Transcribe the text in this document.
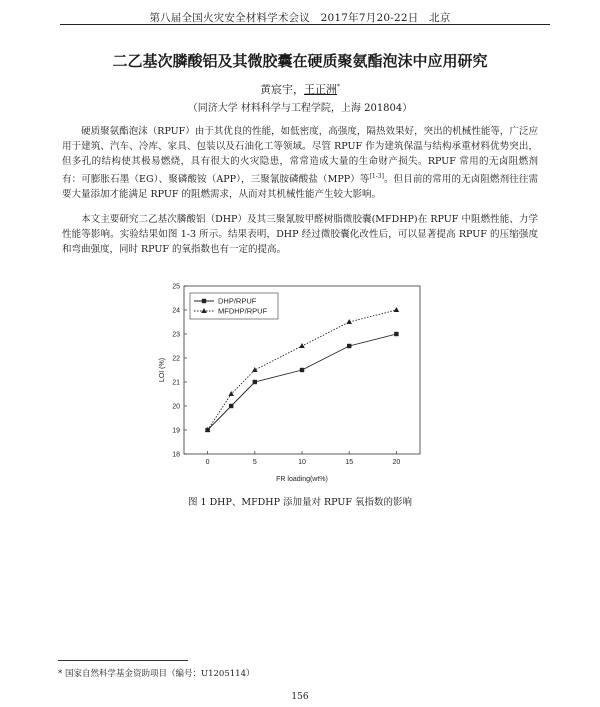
第八届全国火灾安全材料学术会议　2017年7月20-22日　北京
二乙基次膦酸铝及其微胶囊在硬质聚氨酯泡沫中应用研究
黄宸宇，王正洲*
（同济大学 材料科学与工程学院，上海 201804）

  硬质聚氨酯泡沫（RPUF）由于其优良的性能，如低密度，高强度，隔热效果好，突出的机械性能等，广泛应用于建筑、汽车、冷库、家具、包装以及石油化工等领域。尽管 RPUF 作为建筑保温与结构承重材料优势突出，但多孔的结构使其极易燃烧，具有很大的火灾隐患，常常造成大量的生命财产损失。RPUF 常用的无卤阻燃剂有：可膨胀石墨（EG）、聚磷酸铵（APP），三聚氰胺磷酸盐（MPP）等[1-3]。但目前的常用的无卤阻燃剂往往需要大量添加才能满足 RPUF 的阻燃需求，从而对其机械性能产生较大影响。

  本文主要研究二乙基次膦酸铝（DHP）及其三聚氰胺甲醛树脂微胶囊(MFDHP)在 RPUF 中阻燃性能、力学性能等影响。实验结果如图 1-3 所示。结果表明，DHP 经过微胶囊化改性后，可以显著提高 RPUF 的压缩强度和弯曲强度，同时 RPUF 的氧指数也有一定的提高。

18
19
20
21
22
23
24
25
0	5	10	15	20
FR loading(wt%)
LOI (%)
DHP/RPUF
MFDHP/RPUF
图 1 DHP、MFDHP 添加量对 RPUF 氧指数的影响
* 国家自然科学基金资助项目（编号：U1205114）
156
